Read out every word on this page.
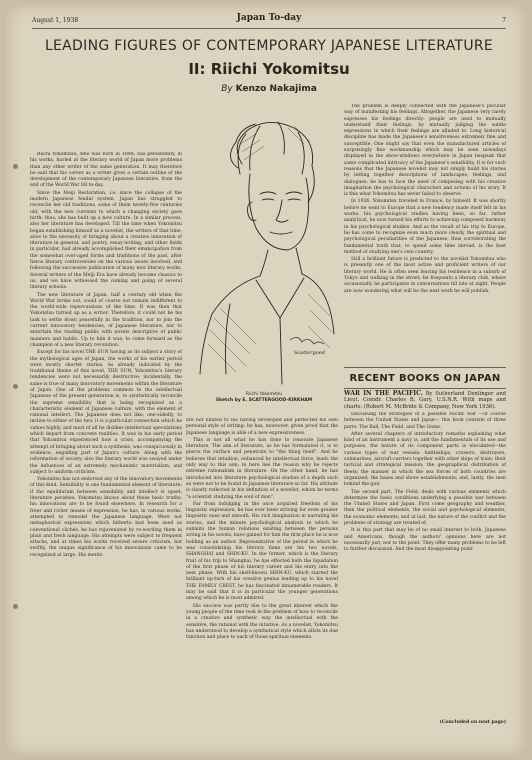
August 1, 1938	Japan To-day	7
LEADING FIGURES OF CONTEMPORARY JAPANESE LITERATURE
II: Riichi Yokomitsu
By Kenzo Nakajima

Riichi Yokomitsu, who was born in 1898, has persistently, in his works, hurled at the literary world of Japan more problems than any other writer of the same generation. It may therefore be said that his career as a writer gives a certain outline of the development of the contemporary Japanese literature, from the end of the World War till to-day.

Since the Meiji Restoration, i.e. since the collapse of the modern Japanese feudal system, Japan has struggled to reconcile her old traditions, some of them twenty-five centuries old, with the new currents to which a changing society gave birth: thus, she has built up a new culture. In a similar process, also her literature has developed. Till the time when Yokomitsu began establishing himself as a novelist, the writers of that time, alive to the necessity of bringing about a creative innovation of literature in general, and poetry, essay-writing, and other fields in particular, had already accomplished their emancipation from the somewhat over-aged forms and traditions of the past, after fierce literary controversies on the various issues involved, and following the successive publication of many new literary works. Several writers of the Meiji Era have already become classics to us, and we have witnessed the coming and going of several literary schools.

The new literature of Japan, half a century old when the World War broke out, could of course not remain indifferent to the world-wide repercussions of the time. It was then that Yokomitsu turned up as a writer. Therefore, it could not be his task to settle down peacefully in the tradition, nor to join the current innovatory tendencies, of Japanese literature, nor to entertain the reading public with novels descriptive of public manners and habits. Up to him it was, to come forward as the champion of a new literary revolution.

Except for his novel THE SUN having as its subject a story of the mythological ages of Japan, the works of his earlier period were mostly shorter stories. As already indicated by the traditional theme of this novel, THE SUN, Yokomitsu's literary tendencies were not necessarily destructive; incidentally, the same is true of many innovatory movements within the literature of Japan. One of the problems common to the intellectual Japanese of the present generation is, to synthetically reconcile the supreme sensibility that is being recognized as a characteristic element of Japanese culture, with the element of rational intellect. The Japanese does not like, one-sidedly, to incline to either of the two; it is a particular connection which he values highly, and most of all he dislikes intellectual speculations which depart from concrete realities. It was in his early period that Yokomitsu experienced how a crisis, accompanying the attempt of bringing about such a synthesis, was conspicuously in evidence, engulfing part of Japan's culture. Along with the reformation of society, also the literary world was swayed under the influences of an extremely mechanistic materialism, and subject to uniform criticism.

Yokomitsu has not endorsed any of the innovatory movements of this kind. Sensibility is one fundamental element of literature; if the equilibrium between sensibility and intellect is upset, literature perishes. Yokomitsu knows about these basic truths; his innovations are to be found elsewhere. In research for a freer and richer means of expression, he has, in various works, attempted to remodel the Japanese language. Were not metaphorical expressions which hitherto had been used as conventional clichés, he has rejuvenated by re-wording them in plain and fresh language. His attempts were subject to frequent attacks, and at times his works received severe criticism, but swiftly, the unique significance of his innovations came to be recognized at large. His merits

Scattergood
Riichi Yokomitsu
Sketch by E. SCATTERGOOD-KIRKHAM

are not limited to his having developed and perfected his own personal style of writing: he has, moreover, given proof that the Japanese language is able of a new expressiveness.

This is not all what he has done to renovate Japanese literature. The aim of literature, as he has formulated it, is to pierce the surface and penetrate to "the thing itself". And he believes that intuition, enhanced by intellectual force, leads the only way to this aim; in here lies the reason why he rejects extreme rationalism in literature. On the other hand, he has introduced into literature psychological studies of a depth such as were not to be found in Japanese literature so far. His attitude is clearly reflected in his definition of a novelist, whom he terms "a scientist studying the soul of man".

Far from indulging in the once acquired freedom of his linguistic expression, he has ever been striving for even greater linguistic ease and smooth. His rich imagination in narrating his stories, and the minute psychological analysis to which he submits the human relations existing between the persons acting in his novels, have gained for him the firm place he is now holding as an author. Representative of the period in which he was consolidating his literary fame are his two novels, SHANGHAI and SHIN-KU. In the former, which is the literary fruit of his trip to Shanghai, he has effected both the liquidation of the first phase of his literary career and his entry into the next phase. With his shelf-known SHIN-KU, which started the brilliant up-turn of his creative genius leading up to his novel THE FAMILY CREST, he has fascinated innumerable readers. It may be said that it is in particular the younger generations among which he is most admired.

His success was partly due to the great interest which the young people of the time took in the problem of how to reconcile in a creative and synthetic way the intellectual with the sensitive, the rational with the intuitive. As a novelist, Yokomitsu has understood to develop a synthetical style which allots its due function and place to each of those spiritual elements.

The problem is deeply connected with the Japanese's peculiar way of manifesting his feelings. Altogether, the Japanese very rarely expresses his feelings directly: people are used to mutually understand their feelings, by mutually judging the subtle expressions in which their feelings are alluded to. Long historical discipline has made the Japanese's sensitiveness extremely fine and susceptible. One might say that even the manufactured articles of surprisingly fine workmanship which may be seen nowadays displayed in the show-windows everywhere in Japan bespeak that same complicated intricacy of the Japanese's sensibility. It is for such reasons that the Japanese novelist may not simply build his stories by letting together descriptions of landscapes, feelings, and dialogues; he has to face the need of composing with his creative imagination the psychological characters and actions of his story. It is this what Yokomitsu has never failed to observe.

In 1936, Yokomitsu traveled to France, by himself. It was shortly before he went to Europe that a new tendency made itself felt in his works: his psychological studies having been, so far, rather analytical, he now turned his efforts to achieving composed harmony in his psychological studies. And as the result of his trip to Europe, he has come to recognize even much more clearly the spiritual and psychological peculiarities of the Japanese, thus corroborating the fundamental truth that, to spend some time abroad, is the best method of studying one's own country.

Still a brilliant future is predicted to the novelist Yokomitsu who is presently one of the most active and proficient writers of our literary world. He is often seen leaving his residence in a suburb of Tokyo and walking in the street; he frequents a literary club, where occasionally he participates in conversations till late at night. People are now wondering what will be the next work he will publish.

RECENT BOOKS ON JAPAN
WAR IN THE PACIFIC. By Sutherland Denlinger and Lieut. Comdr. Charles B. Gary, U.S.N.R. With maps and charts. (Robert M. McBride & Company, New York 1936).

Discussing the strategies of a possible Pacific war —of course between the United States and Japan— this book consists of three parts: The Ball, The Field, and The Game.

After several chapters of introductory remarks explaining what kind of an instrument a navy is, and the fundamentals of its use and purposes, the nature of its component parts is elucidated—the various types of war vessels: battleships, cruisers, destroyers, submarines, aircraft-carriers together with other ships of train; their tactical and strategical mission; the geographical distribution of fleets; the manner in which the sea forces of both countries are organized; the bases and shore establishments; and, lastly, the men behind the gun.

The second part, The Field, deals with various elements which determine the basic conditions underlying a possible war between the United States and Japan. First come geography and weather, then the political elements, the social and psychological elements, the economic elements; and at last, the nature of the conflict and the problems of strategy are treated of.

It is this part that may be of no small interest to both, Japanese and Americans, though the authors' opinions here are not necessarily just, nor to the point. They offer many problems to be left to further discussion. And the most disappointing point

(Concluded on next page)
